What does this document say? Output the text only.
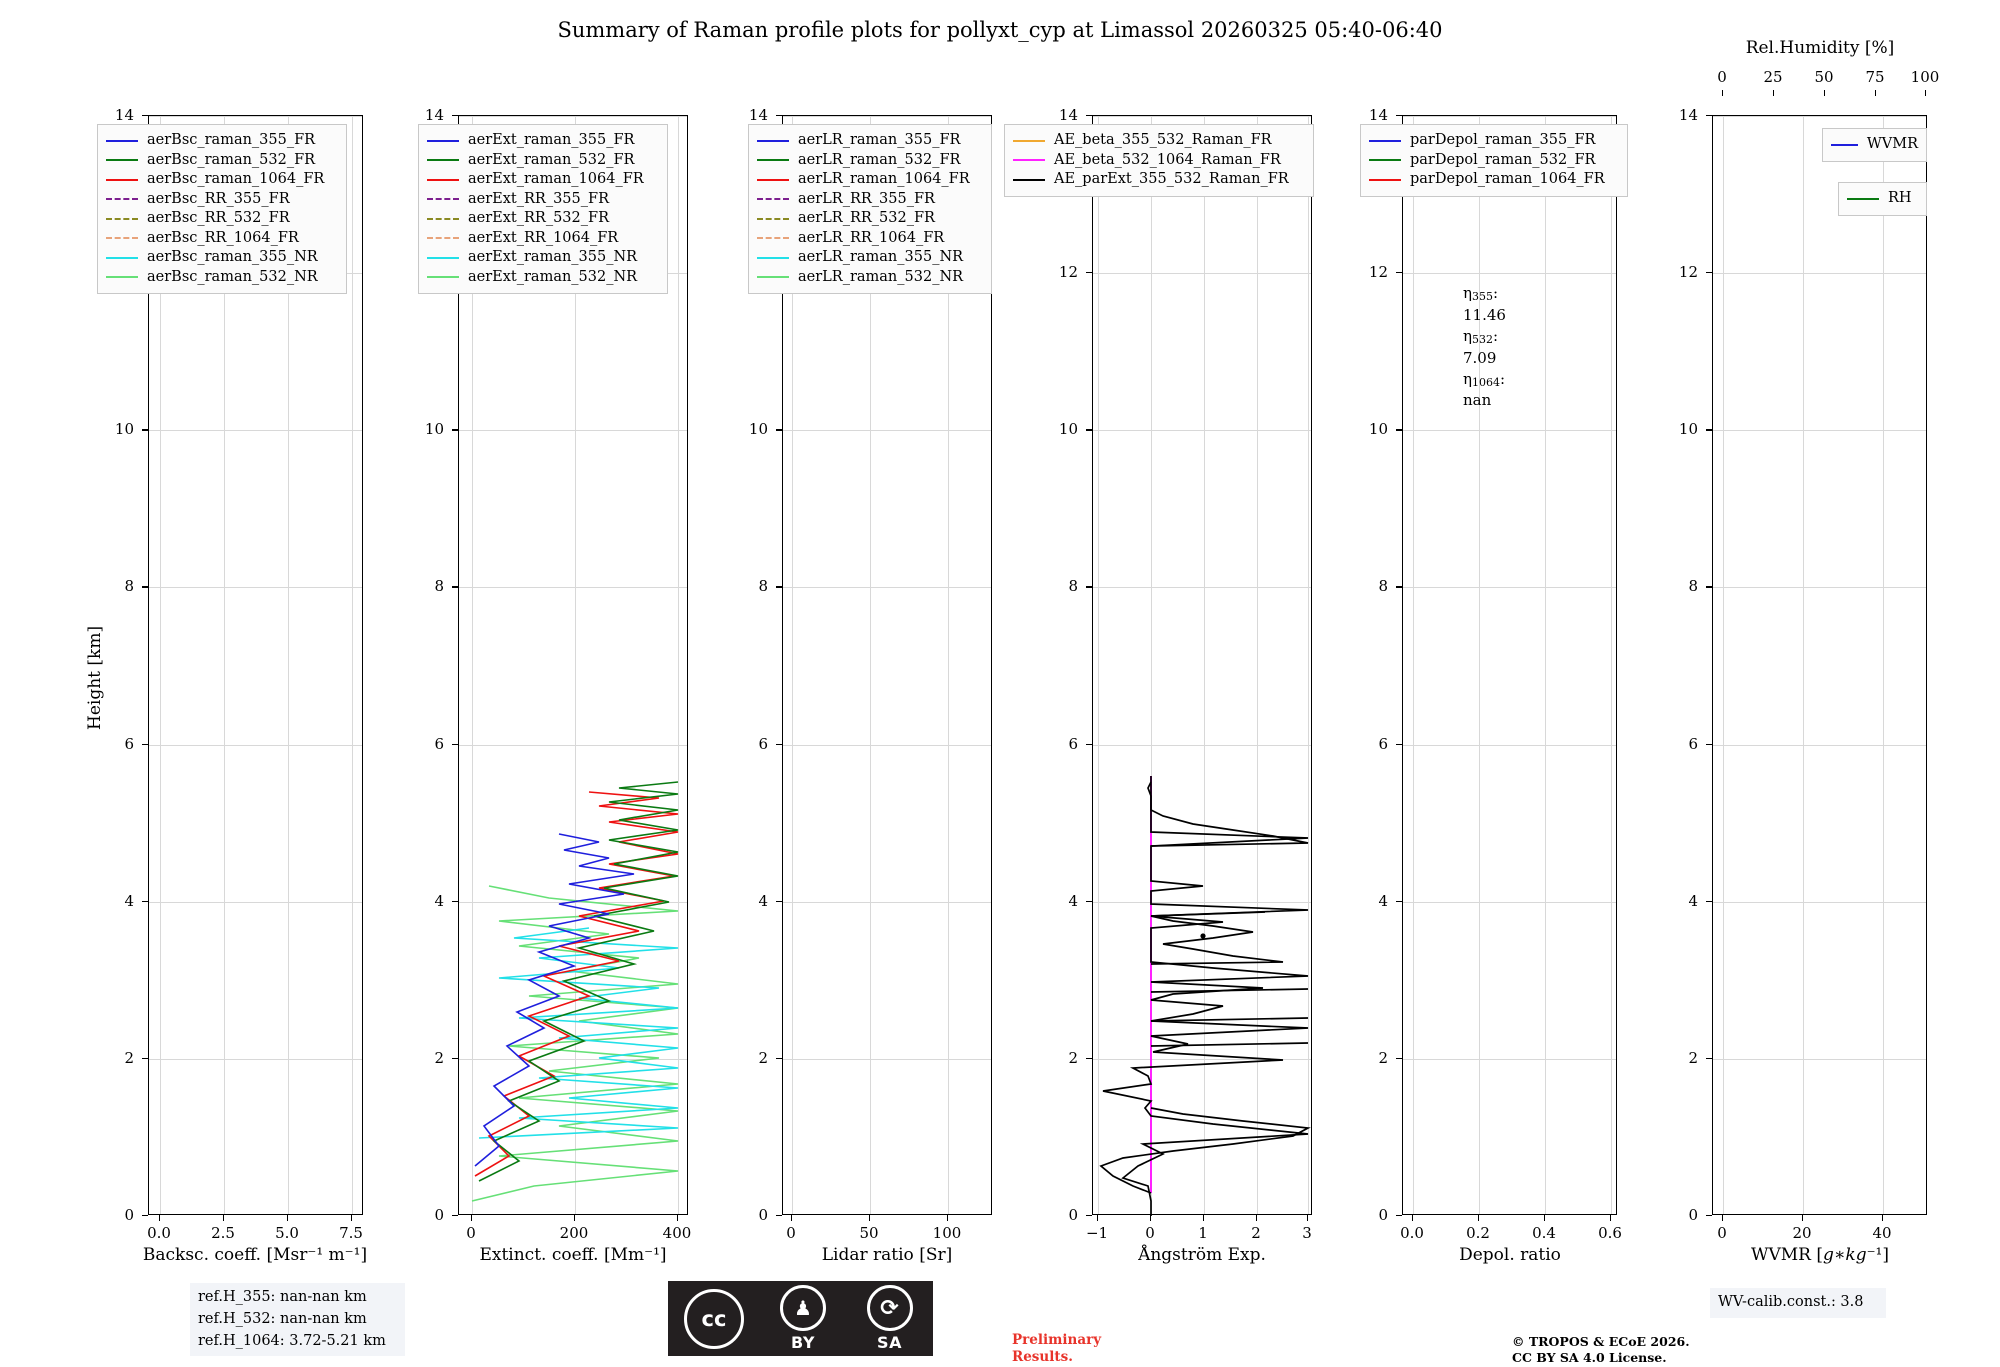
Summary of Raman profile plots for pollyxt_cyp at Limassol 20260325 05:40-06:40
0
2
4
6
8
10
14
0.0	2.5	5.0	7.5
Backsc. coeff. [Msr⁻¹ m⁻¹]
Height [km]
aerBsc_raman_355_FR
aerBsc_raman_532_FR
aerBsc_raman_1064_FR
aerBsc_RR_355_FR
aerBsc_RR_532_FR
aerBsc_RR_1064_FR
aerBsc_raman_355_NR
aerBsc_raman_532_NR
0
2
4
6
8
10
14
0	200	400
Extinct. coeff. [Mm⁻¹]
aerExt_raman_355_FR
aerExt_raman_532_FR
aerExt_raman_1064_FR
aerExt_RR_355_FR
aerExt_RR_532_FR
aerExt_RR_1064_FR
aerExt_raman_355_NR
aerExt_raman_532_NR
0
2
4
6
8
10
14
0	50	100
Lidar ratio [Sr]
aerLR_raman_355_FR
aerLR_raman_532_FR
aerLR_raman_1064_FR
aerLR_RR_355_FR
aerLR_RR_532_FR
aerLR_RR_1064_FR
aerLR_raman_355_NR
aerLR_raman_532_NR
0
2
4
6
8
10
12
14
−1	0	1	2	3
Ångström Exp.
AE_beta_355_532_Raman_FR
AE_beta_532_1064_Raman_FR
AE_parExt_355_532_Raman_FR
0
2
4
6
8
10
12
14
0.0	0.2	0.4	0.6
Depol. ratio
parDepol_raman_355_FR
parDepol_raman_532_FR
parDepol_raman_1064_FR
η355: 11.46
η532: 7.09
η1064: nan
0	25	50	75	100
Rel.Humidity [%]
0
2
4
6
8
10
12
14
0	20	40
WVMR [𝑔∗𝑘𝑔⁻¹]
WVMR
RH
WV-calib.const.: 3.8
ref.H_355: nan-nan km
ref.H_532: nan-nan km
ref.H_1064: 3.72-5.21 km
cc	♟
BY
⟳
SA	Preliminary
Results.
© TROPOS & ECoE 2026.
CC BY SA 4.0 License.
